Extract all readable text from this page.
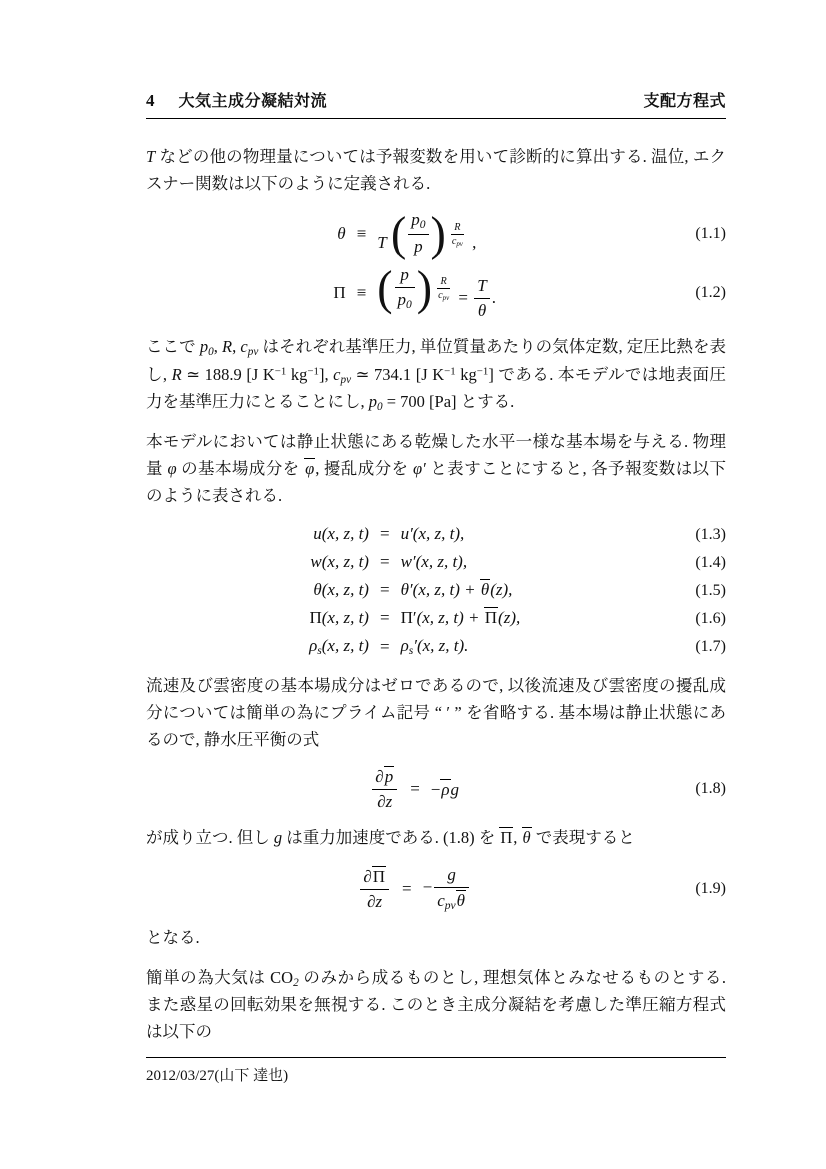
4 大気主成分凝結対流	支配方程式
T などの他の物理量については予報変数を用いて診断的に算出する. 温位, エクスナー関数は以下のように定義される.
θ ≡
T ( $\frac{p0}{p}$ ) $\frac{R}{\text{cpv}}$ ,
(1.1)
Π ≡ ( $\frac{p}{p0}$ ) $\frac{R}{\text{cpv}} = \frac{T}{\theta}$ .	(1.2)
ここで p0, R, cpv はそれぞれ基準圧力, 単位質量あたりの気体定数, 定圧比熱を表し, R ≃ 188.9 [J $K^{-1}$ $kg^{-1}$], cpv ≃ 734.1 [J $K^{-1}$ $kg^{-1}$] である. 本モデルでは地表面圧力を基準圧力にとることにし, p0 = 700 [Pa] とする.
本モデルにおいては静止状態にある乾燥した水平一様な基本場を与える. 物理量 φ の基本場成分を φ, 擾乱成分を φ′ と表すことにすると, 各予報変数は以下のように表される.
u(x, z, t) = u′(x, z, t),	(1.3)
w(x, z, t) = w′(x, z, t),	(1.4)
θ(x, z, t) = θ′(x, z, t) + θ(z),	(1.5)
Π(x, z, t) = Π′(x, z, t) + Π(z),	(1.6)
ρs(x, z, t) = ρs′(x, z, t).	(1.7)
流速及び雲密度の基本場成分はゼロであるので, 以後流速及び雲密度の擾乱成分については簡単の為にプライム記号 “ ′ ” を省略する. 基本場は静止状態にあるので, 静水圧平衡の式
$\frac{\partial p}{\partial z} = -\rho g$	(1.8)
が成り立つ. 但し g は重力加速度である. (1.8) を Π, θ で表現すると
$\frac{\partial\Pi}{\partial z}$ = − $\frac{g}{\text{cpvθ}}$	(1.9)
となる.
簡単の為大気は CO2 のみから成るものとし, 理想気体とみなせるものとする. また惑星の回転効果を無視する. このとき主成分凝結を考慮した準圧縮方程式は以下の
2012/03/27(山下 達也)
